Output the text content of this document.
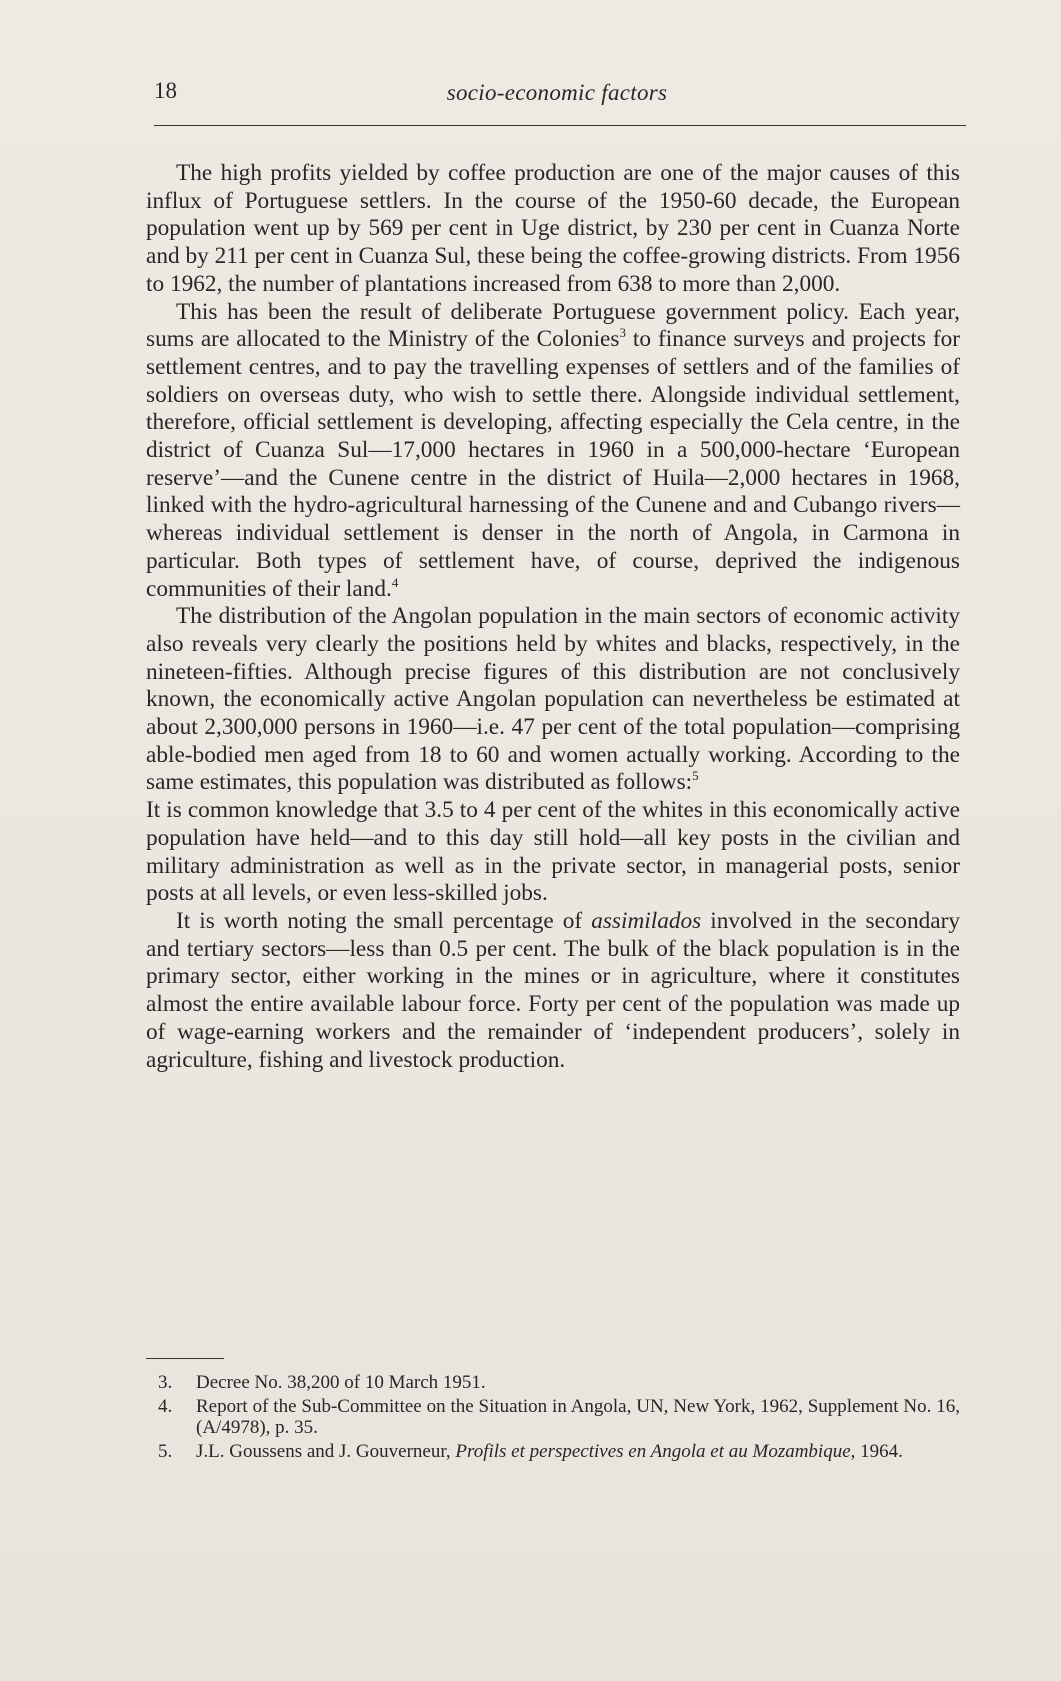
18	socio-economic factors

The high profits yielded by coffee production are one of the major causes of this influx of Portuguese settlers. In the course of the 1950-60 decade, the European population went up by 569 per cent in Uge district, by 230 per cent in Cuanza Norte and by 211 per cent in Cuanza Sul, these being the coffee-growing districts. From 1956 to 1962, the number of plantations increased from 638 to more than 2,000.

This has been the result of deliberate Portuguese government policy. Each year, sums are allocated to the Ministry of the Colonies$^3$ to finance surveys and projects for settlement centres, and to pay the travelling expenses of settlers and of the families of soldiers on overseas duty, who wish to settle there. Alongside individual settlement, therefore, official settlement is developing, affecting especially the Cela centre, in the district of Cuanza Sul—17,000 hectares in 1960 in a 500,000-hectare ‘European reserve’—and the Cunene centre in the district of Huila—2,000 hectares in 1968, linked with the hydro-agricultural harnessing of the Cunene and and Cubango rivers—whereas individual settlement is denser in the north of Angola, in Carmona in particular. Both types of settlement have, of course, deprived the indigenous communities of their land.$^4$

The distribution of the Angolan population in the main sectors of economic activity also reveals very clearly the positions held by whites and blacks, respectively, in the nineteen-fifties. Although precise figures of this distribution are not conclusively known, the economically active Angolan population can nevertheless be estimated at about 2,300,000 persons in 1960—i.e. 47 per cent of the total population—comprising able-bodied men aged from 18 to 60 and women actually working. According to the same estimates, this population was distributed as follows:$^5$

It is common knowledge that 3.5 to 4 per cent of the whites in this economically active population have held—and to this day still hold—all key posts in the civilian and military administration as well as in the private sector, in managerial posts, senior posts at all levels, or even less-skilled jobs.

It is worth noting the small percentage of assimilados involved in the secondary and tertiary sectors—less than 0.5 per cent. The bulk of the black population is in the primary sector, either working in the mines or in agriculture, where it constitutes almost the entire available labour force. Forty per cent of the population was made up of wage-earning workers and the remainder of ‘independent producers’, solely in agriculture, fishing and livestock production.

3. Decree No. 38,200 of 10 March 1951.
4. Report of the Sub-Committee on the Situation in Angola, UN, New York, 1962, Supplement No. 16, (A/4978), p. 35.
5. J.L. Goussens and J. Gouverneur, Profils et perspectives en Angola et au Mozambique, 1964.
